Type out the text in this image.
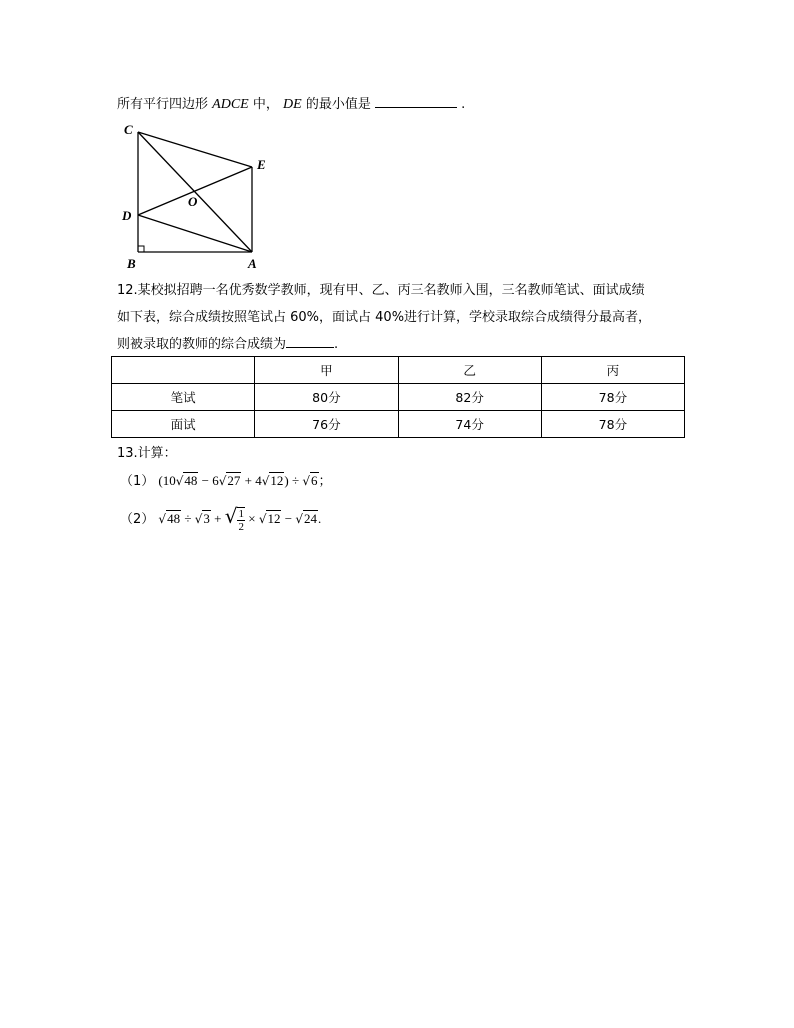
所有平行四边形 ADCE 中， DE 的最小值是	.
C
E
O
D
B	A
12.某校拟招聘一名优秀数学教师，现有甲、乙、丙三名教师入围，三名教师笔试、面试成绩
如下表，综合成绩按照笔试占 60%，面试占 40%进行计算，学校录取综合成绩得分最高者，
则被录取的教师的综合成绩为	.
	甲	乙	丙
笔试	80分	82分	78分
面试	76分	74分	78分
13.计算：
（1） (10√48 − 6√27 + 4√12) ÷ √6；
（2） √48 ÷ √3 + √ $\frac{1}{2} \times √12 - √24$.
